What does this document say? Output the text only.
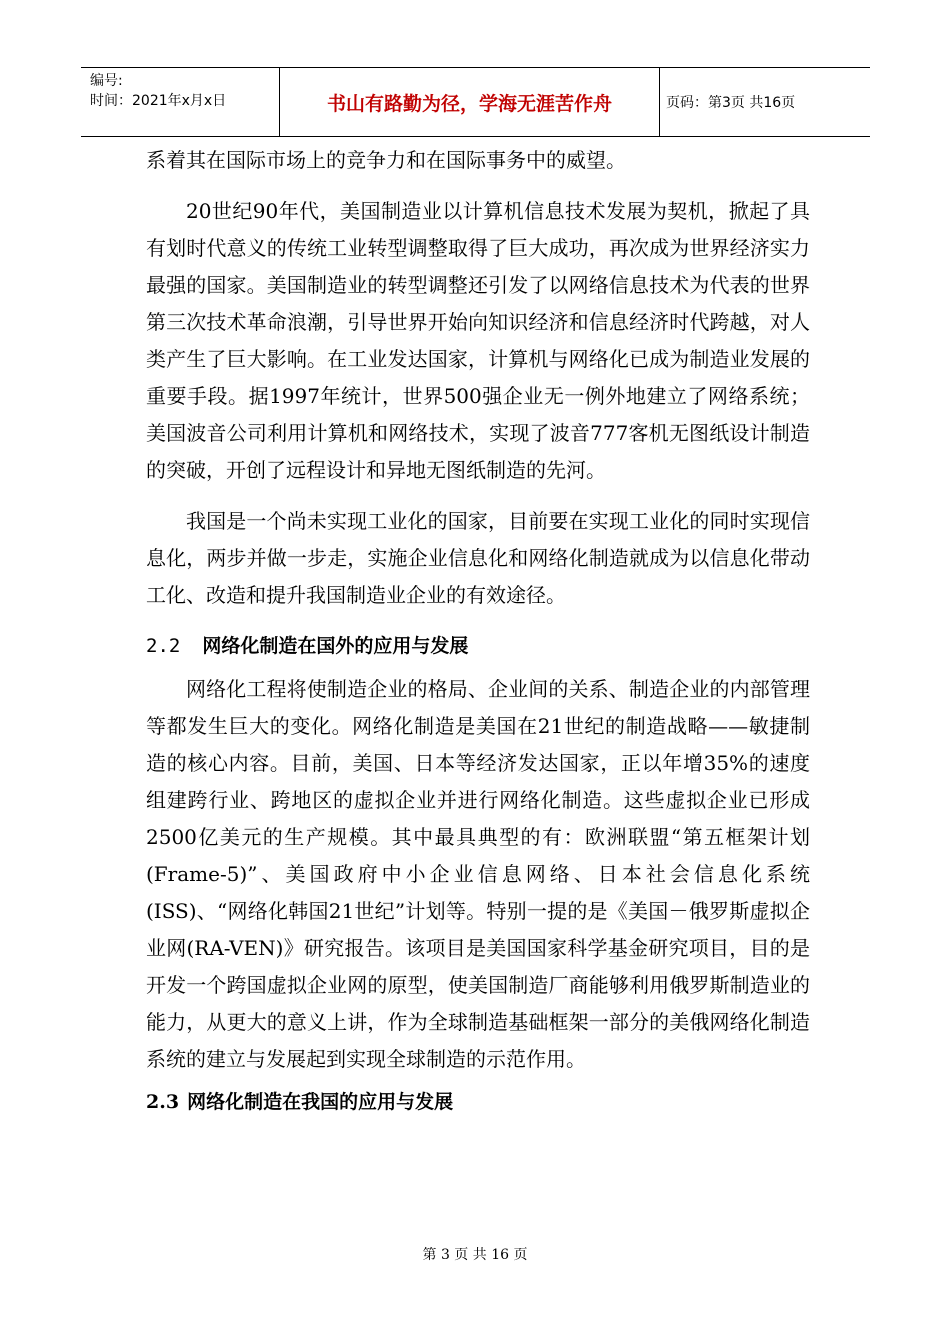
编号:
时间：2021年x月x日	书山有路勤为径，学海无涯苦作舟	页码：第3页 共16页

系着其在国际市场上的竞争力和在国际事务中的威望。

20世纪90年代，美国制造业以计算机信息技术发展为契机，掀起了具有划时代意义的传统工业转型调整取得了巨大成功，再次成为世界经济实力最强的国家。美国制造业的转型调整还引发了以网络信息技术为代表的世界第三次技术革命浪潮，引导世界开始向知识经济和信息经济时代跨越，对人类产生了巨大影响。在工业发达国家，计算机与网络化已成为制造业发展的重要手段。据1997年统计，世界500强企业无一例外地建立了网络系统；美国波音公司利用计算机和网络技术，实现了波音777客机无图纸设计制造的突破，开创了远程设计和异地无图纸制造的先河。

我国是一个尚未实现工业化的国家，目前要在实现工业化的同时实现信息化，两步并做一步走，实施企业信息化和网络化制造就成为以信息化带动工化、改造和提升我国制造业企业的有效途径。

2.2 网络化制造在国外的应用与发展

网络化工程将使制造企业的格局、企业间的关系、制造企业的内部管理等都发生巨大的变化。网络化制造是美国在21世纪的制造战略——敏捷制造的核心内容。目前，美国、日本等经济发达国家，正以年增35%的速度组建跨行业、跨地区的虚拟企业并进行网络化制造。这些虚拟企业已形成2500亿美元的生产规模。其中最具典型的有：欧洲联盟“第五框架计划(Frame-5)”、美国政府中小企业信息网络、日本社会信息化系统(ISS)、“网络化韩国21世纪”计划等。特别一提的是《美国－俄罗斯虚拟企业网(RA-VEN)》研究报告。该项目是美国国家科学基金研究项目，目的是开发一个跨国虚拟企业网的原型，使美国制造厂商能够利用俄罗斯制造业的能力，从更大的意义上讲，作为全球制造基础框架一部分的美俄网络化制造系统的建立与发展起到实现全球制造的示范作用。

2.3 网络化制造在我国的应用与发展
第 3 页 共 16 页
